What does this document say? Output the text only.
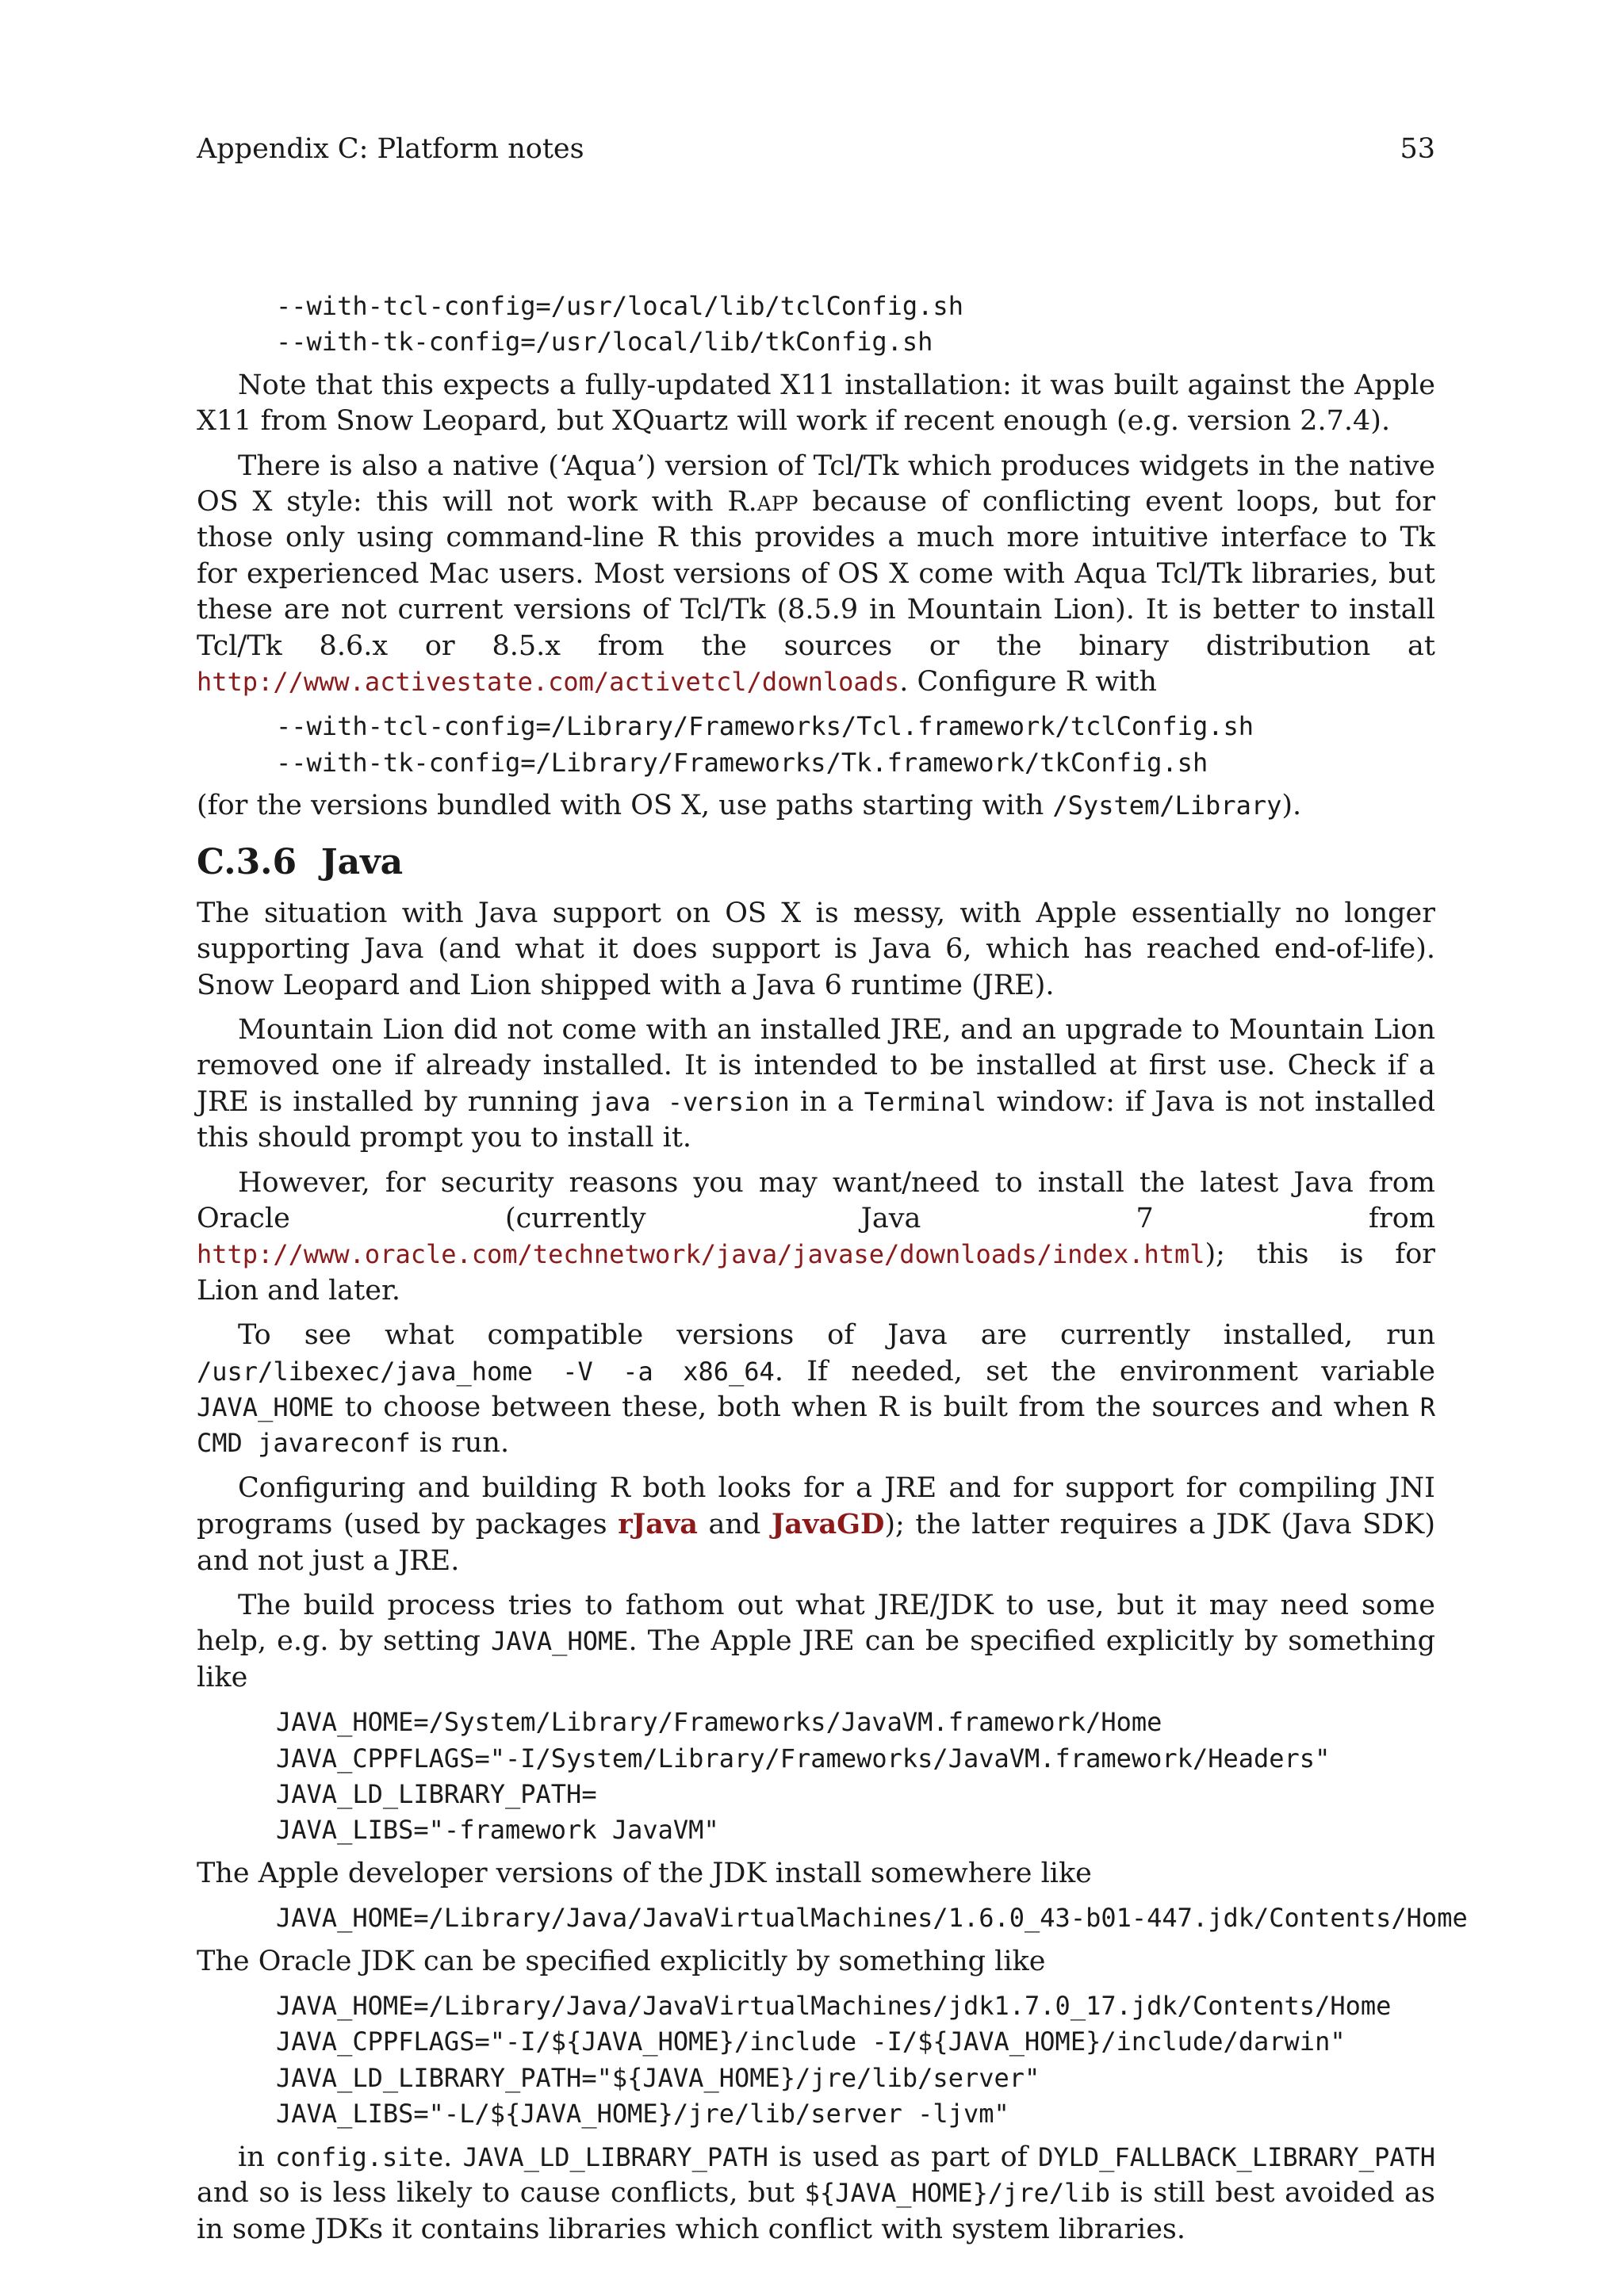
Appendix C: Platform notes	53
--with-tcl-config=/usr/local/lib/tclConfig.sh
--with-tk-config=/usr/local/lib/tkConfig.sh

Note that this expects a fully-updated X11 installation: it was built against the Apple X11 from Snow Leopard, but XQuartz will work if recent enough (e.g. version 2.7.4).

There is also a native (‘Aqua’) version of Tcl/Tk which produces widgets in the native OS X style: this will not work with R.app because of conflicting event loops, but for those only using command-line R this provides a much more intuitive interface to Tk for experienced Mac users. Most versions of OS X come with Aqua Tcl/Tk libraries, but these are not current versions of Tcl/Tk (8.5.9 in Mountain Lion). It is better to install Tcl/Tk 8.6.x or 8.5.x from the sources or the binary distribution at http://www.activestate.com/activetcl/downloads. Configure R with

--with-tcl-config=/Library/Frameworks/Tcl.framework/tclConfig.sh
--with-tk-config=/Library/Frameworks/Tk.framework/tkConfig.sh

(for the versions bundled with OS X, use paths starting with /System/Library).

C.3.6 Java

The situation with Java support on OS X is messy, with Apple essentially no longer supporting Java (and what it does support is Java 6, which has reached end-of-life). Snow Leopard and Lion shipped with a Java 6 runtime (JRE).

Mountain Lion did not come with an installed JRE, and an upgrade to Mountain Lion removed one if already installed. It is intended to be installed at first use. Check if a JRE is installed by running java -version in a Terminal window: if Java is not installed this should prompt you to install it.

However, for security reasons you may want/need to install the latest Java from Oracle (currently Java 7 from http://www.oracle.com/technetwork/java/javase/downloads/index.html); this is for Lion and later.

To see what compatible versions of Java are currently installed, run /usr/libexec/java_home -V -a x86_64. If needed, set the environment variable JAVA_HOME to choose between these, both when R is built from the sources and when R CMD javareconf is run.

Configuring and building R both looks for a JRE and for support for compiling JNI programs (used by packages rJava and JavaGD); the latter requires a JDK (Java SDK) and not just a JRE.

The build process tries to fathom out what JRE/JDK to use, but it may need some help, e.g. by setting JAVA_HOME. The Apple JRE can be specified explicitly by something like

JAVA_HOME=/System/Library/Frameworks/JavaVM.framework/Home
JAVA_CPPFLAGS="-I/System/Library/Frameworks/JavaVM.framework/Headers"
JAVA_LD_LIBRARY_PATH=
JAVA_LIBS="-framework JavaVM"

The Apple developer versions of the JDK install somewhere like

JAVA_HOME=/Library/Java/JavaVirtualMachines/1.6.0_43-b01-447.jdk/Contents/Home

The Oracle JDK can be specified explicitly by something like

JAVA_HOME=/Library/Java/JavaVirtualMachines/jdk1.7.0_17.jdk/Contents/Home
JAVA_CPPFLAGS="-I/${JAVA_HOME}/include -I/${JAVA_HOME}/include/darwin"
JAVA_LD_LIBRARY_PATH="${JAVA_HOME}/jre/lib/server"
JAVA_LIBS="-L/${JAVA_HOME}/jre/lib/server -ljvm"

in config.site. JAVA_LD_LIBRARY_PATH is used as part of DYLD_FALLBACK_LIBRARY_PATH and so is less likely to cause conflicts, but ${JAVA_HOME}/jre/lib is still best avoided as in some JDKs it contains libraries which conflict with system libraries.
